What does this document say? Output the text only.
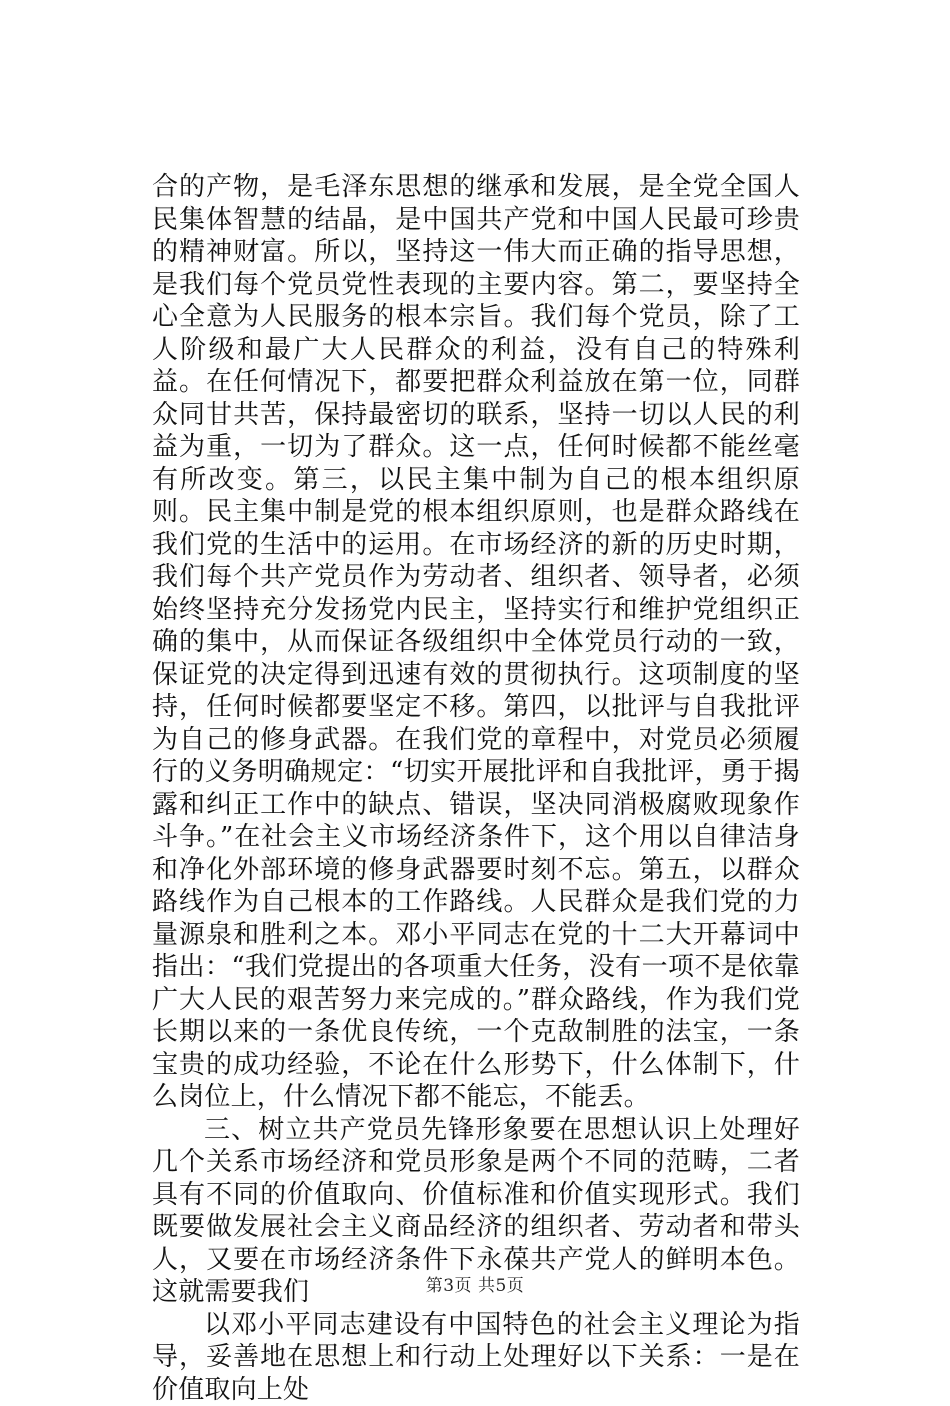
合的产物，是毛泽东思想的继承和发展，是全党全国人民集体智慧的结晶，是中国共产党和中国人民最可珍贵的精神财富。所以，坚持这一伟大而正确的指导思想，是我们每个党员党性表现的主要内容。第二，要坚持全心全意为人民服务的根本宗旨。我们每个党员，除了工人阶级和最广大人民群众的利益，没有自己的特殊利益。在任何情况下，都要把群众利益放在第一位，同群众同甘共苦，保持最密切的联系，坚持一切以人民的利益为重，一切为了群众。这一点，任何时候都不能丝毫有所改变。第三，以民主集中制为自己的根本组织原则。民主集中制是党的根本组织原则，也是群众路线在我们党的生活中的运用。在市场经济的新的历史时期，我们每个共产党员作为劳动者、组织者、领导者，必须始终坚持充分发扬党内民主，坚持实行和维护党组织正确的集中，从而保证各级组织中全体党员行动的一致，保证党的决定得到迅速有效的贯彻执行。这项制度的坚持，任何时候都要坚定不移。第四，以批评与自我批评为自己的修身武器。在我们党的章程中，对党员必须履行的义务明确规定：“切实开展批评和自我批评，勇于揭露和纠正工作中的缺点、错误，坚决同消极腐败现象作斗争。”在社会主义市场经济条件下，这个用以自律洁身和净化外部环境的修身武器要时刻不忘。第五，以群众路线作为自己根本的工作路线。人民群众是我们党的力量源泉和胜利之本。邓小平同志在党的十二大开幕词中指出：“我们党提出的各项重大任务，没有一项不是依靠广大人民的艰苦努力来完成的。”群众路线，作为我们党长期以来的一条优良传统，一个克敌制胜的法宝，一条宝贵的成功经验，不论在什么形势下，什么体制下，什么岗位上，什么情况下都不能忘，不能丢。

三、树立共产党员先锋形象要在思想认识上处理好几个关系市场经济和党员形象是两个不同的范畴，二者具有不同的价值取向、价值标准和价值实现形式。我们既要做发展社会主义商品经济的组织者、劳动者和带头人，又要在市场经济条件下永葆共产党人的鲜明本色。这就需要我们

以邓小平同志建设有中国特色的社会主义理论为指导，妥善地在思想上和行动上处理好以下关系：一是在价值取向上处

第3页 共5页
